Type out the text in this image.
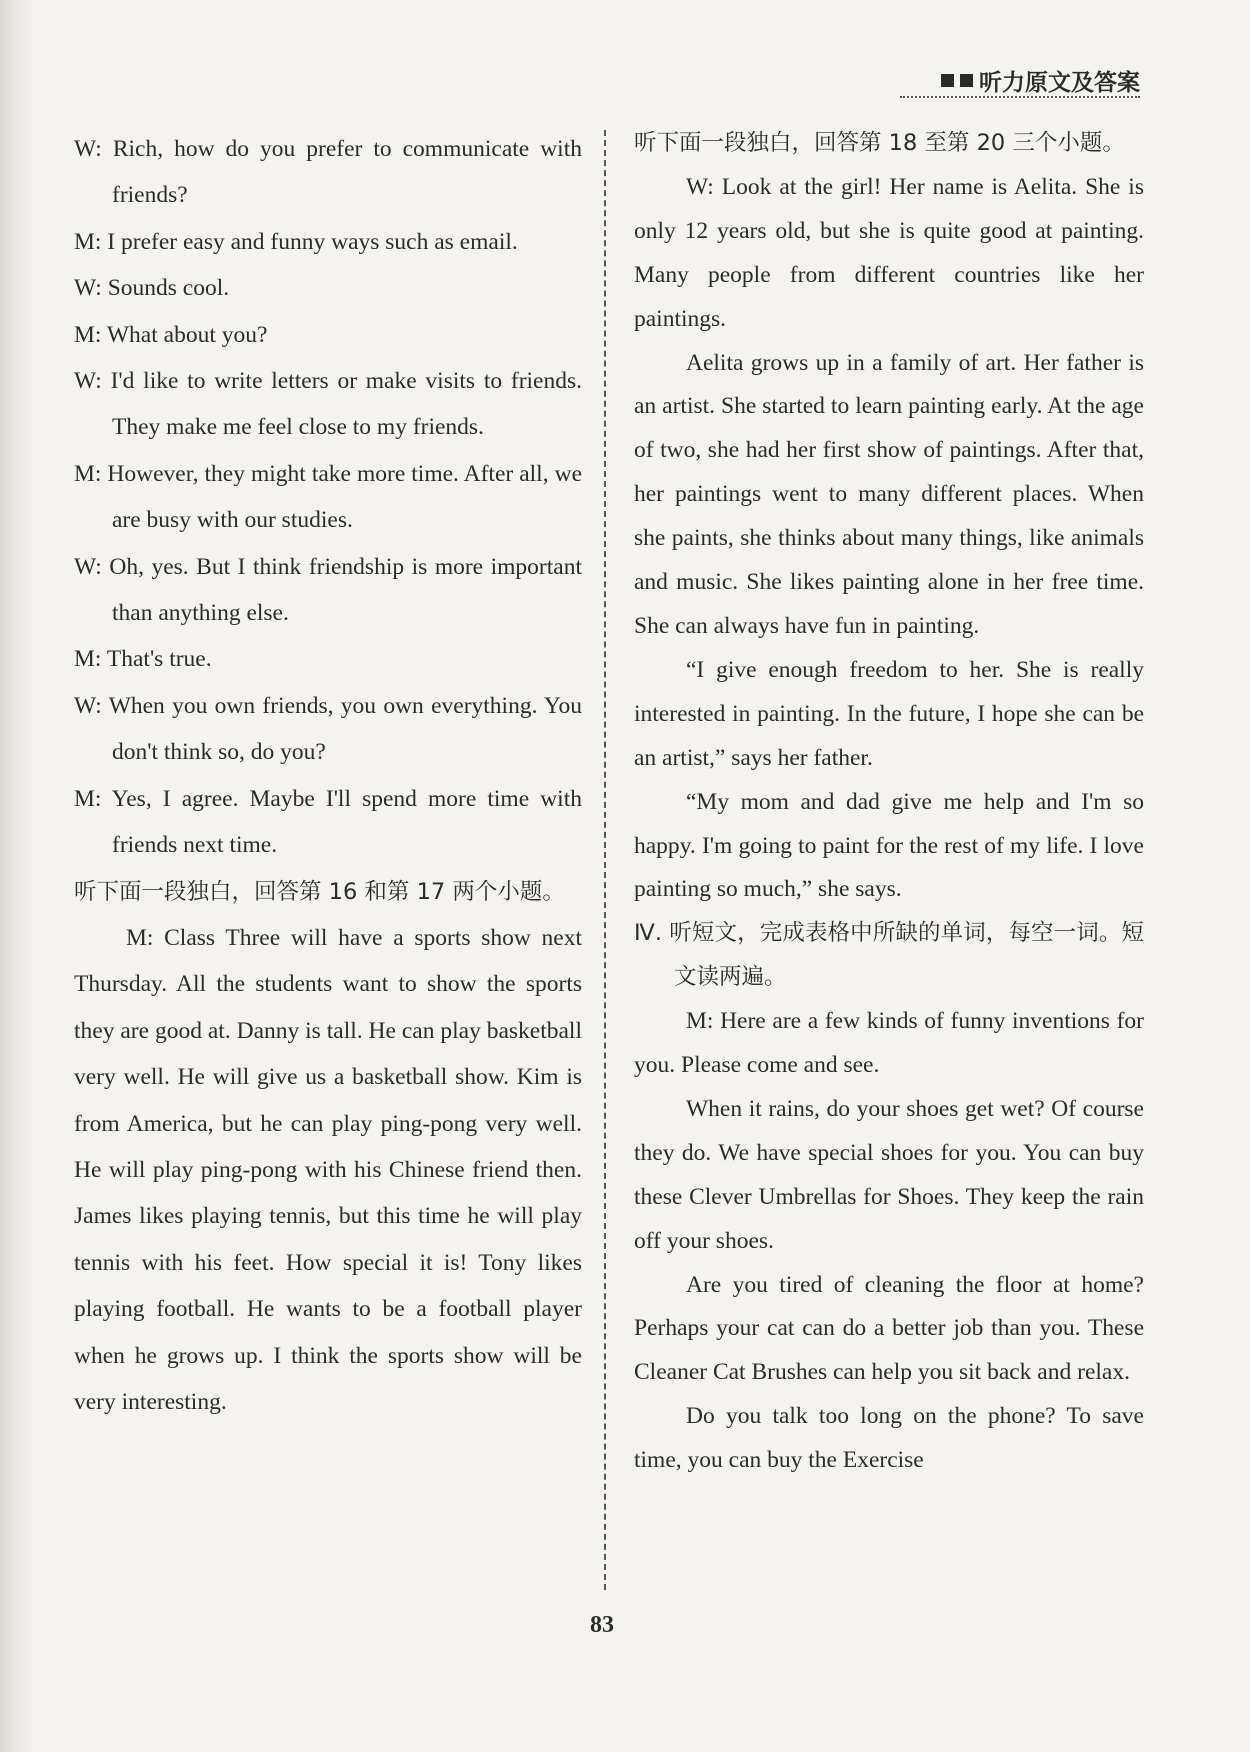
听力原文及答案

W: Rich, how do you prefer to communicate with friends?

M: I prefer easy and funny ways such as email.

W: Sounds cool.

M: What about you?

W: I'd like to write letters or make visits to friends. They make me feel close to my friends.

M: However, they might take more time. After all, we are busy with our studies.

W: Oh, yes. But I think friendship is more important than anything else.

M: That's true.

W: When you own friends, you own everything. You don't think so, do you?

M: Yes, I agree. Maybe I'll spend more time with friends next time.

听下面一段独白，回答第 16 和第 17 两个小题。

M: Class Three will have a sports show next Thursday. All the students want to show the sports they are good at. Danny is tall. He can play basketball very well. He will give us a basketball show. Kim is from America, but he can play ping-pong very well. He will play ping-pong with his Chinese friend then. James likes playing tennis, but this time he will play tennis with his feet. How special it is! Tony likes playing football. He wants to be a football player when he grows up. I think the sports show will be very interesting.

听下面一段独白，回答第 18 至第 20 三个小题。

W: Look at the girl! Her name is Aelita. She is only 12 years old, but she is quite good at painting. Many people from different countries like her paintings.

Aelita grows up in a family of art. Her father is an artist. She started to learn painting early. At the age of two, she had her first show of paintings. After that, her paintings went to many different places. When she paints, she thinks about many things, like animals and music. She likes painting alone in her free time. She can always have fun in painting.

“I give enough freedom to her. She is really interested in painting. In the future, I hope she can be an artist,” says her father.

“My mom and dad give me help and I'm so happy. I'm going to paint for the rest of my life. I love painting so much,” she says.

Ⅳ. 听短文，完成表格中所缺的单词，每空一词。短文读两遍。

M: Here are a few kinds of funny inventions for you. Please come and see.

When it rains, do your shoes get wet? Of course they do. We have special shoes for you. You can buy these Clever Umbrellas for Shoes. They keep the rain off your shoes.

Are you tired of cleaning the floor at home? Perhaps your cat can do a better job than you. These Cleaner Cat Brushes can help you sit back and relax.

Do you talk too long on the phone? To save time, you can buy the Exercise

83
